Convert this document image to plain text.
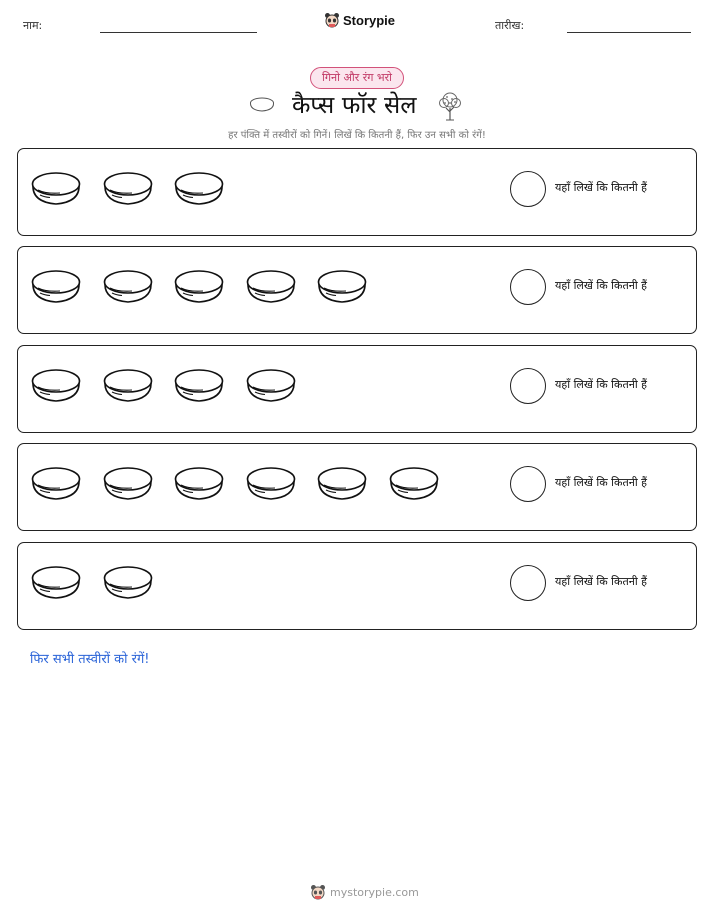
नाम:	Storypie	तारीख:
गिनो और रंग भरो
कैप्स फॉर सेल
हर पंक्ति में तस्वीरों को गिनें। लिखें कि कितनी हैं, फिर उन सभी को रंगें!
यहाँ लिखें कि कितनी हैं
यहाँ लिखें कि कितनी हैं
यहाँ लिखें कि कितनी हैं
यहाँ लिखें कि कितनी हैं
यहाँ लिखें कि कितनी हैं
फिर सभी तस्वीरों को रंगें!
mystorypie.com
